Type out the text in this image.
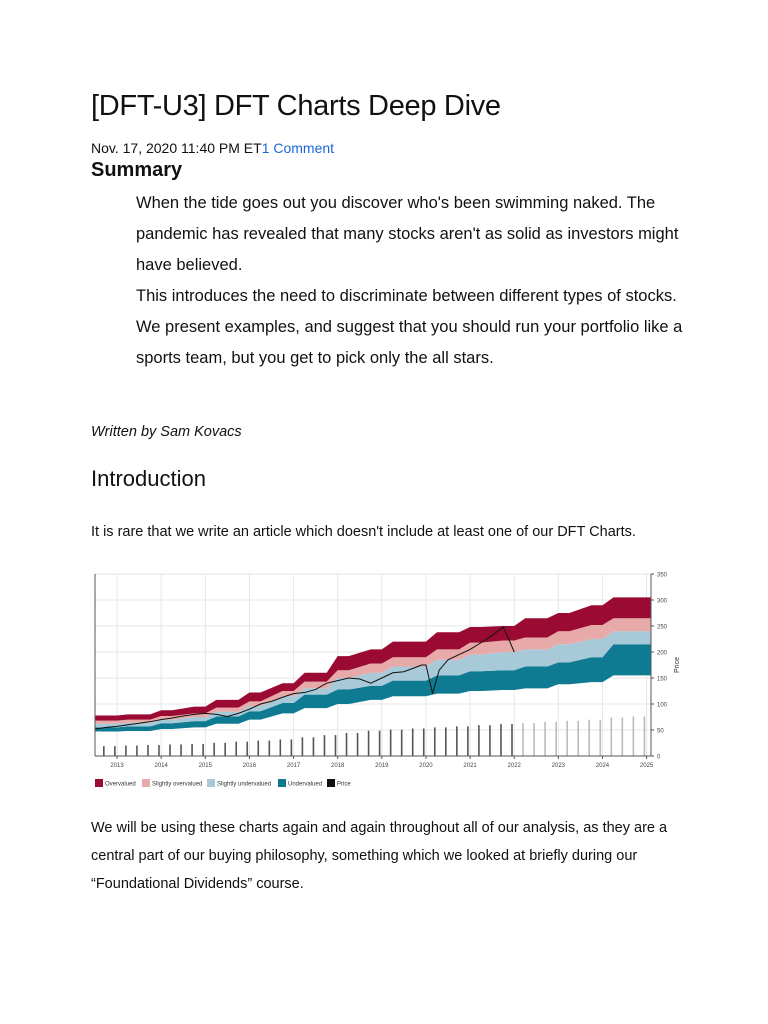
[DFT-U3] DFT Charts Deep Dive
Nov. 17, 2020 11:40 PM ET1 Comment
Summary

When the tide goes out you discover who's been swimming naked. The pandemic has revealed that many stocks aren't as solid as investors might have believed.

This introduces the need to discriminate between different types of stocks.

We present examples, and suggest that you should run your portfolio like a sports team, but you get to pick only the all stars.

Written by Sam Kovacs
Introduction
It is rare that we write an article which doesn't include at least one of our DFT Charts.
0
50
100
150
200
250
300
350
Price
2013	2014	2015	2016	2017	2018	2019	2020	2021	2022	2023	2024	2025
Overvalued	Slightly overvalued Slightly undervalued	Undervalued Price

We will be using these charts again and again throughout all of our analysis, as they are a central part of our buying philosophy, something which we looked at briefly during our “Foundational Dividends” course.
